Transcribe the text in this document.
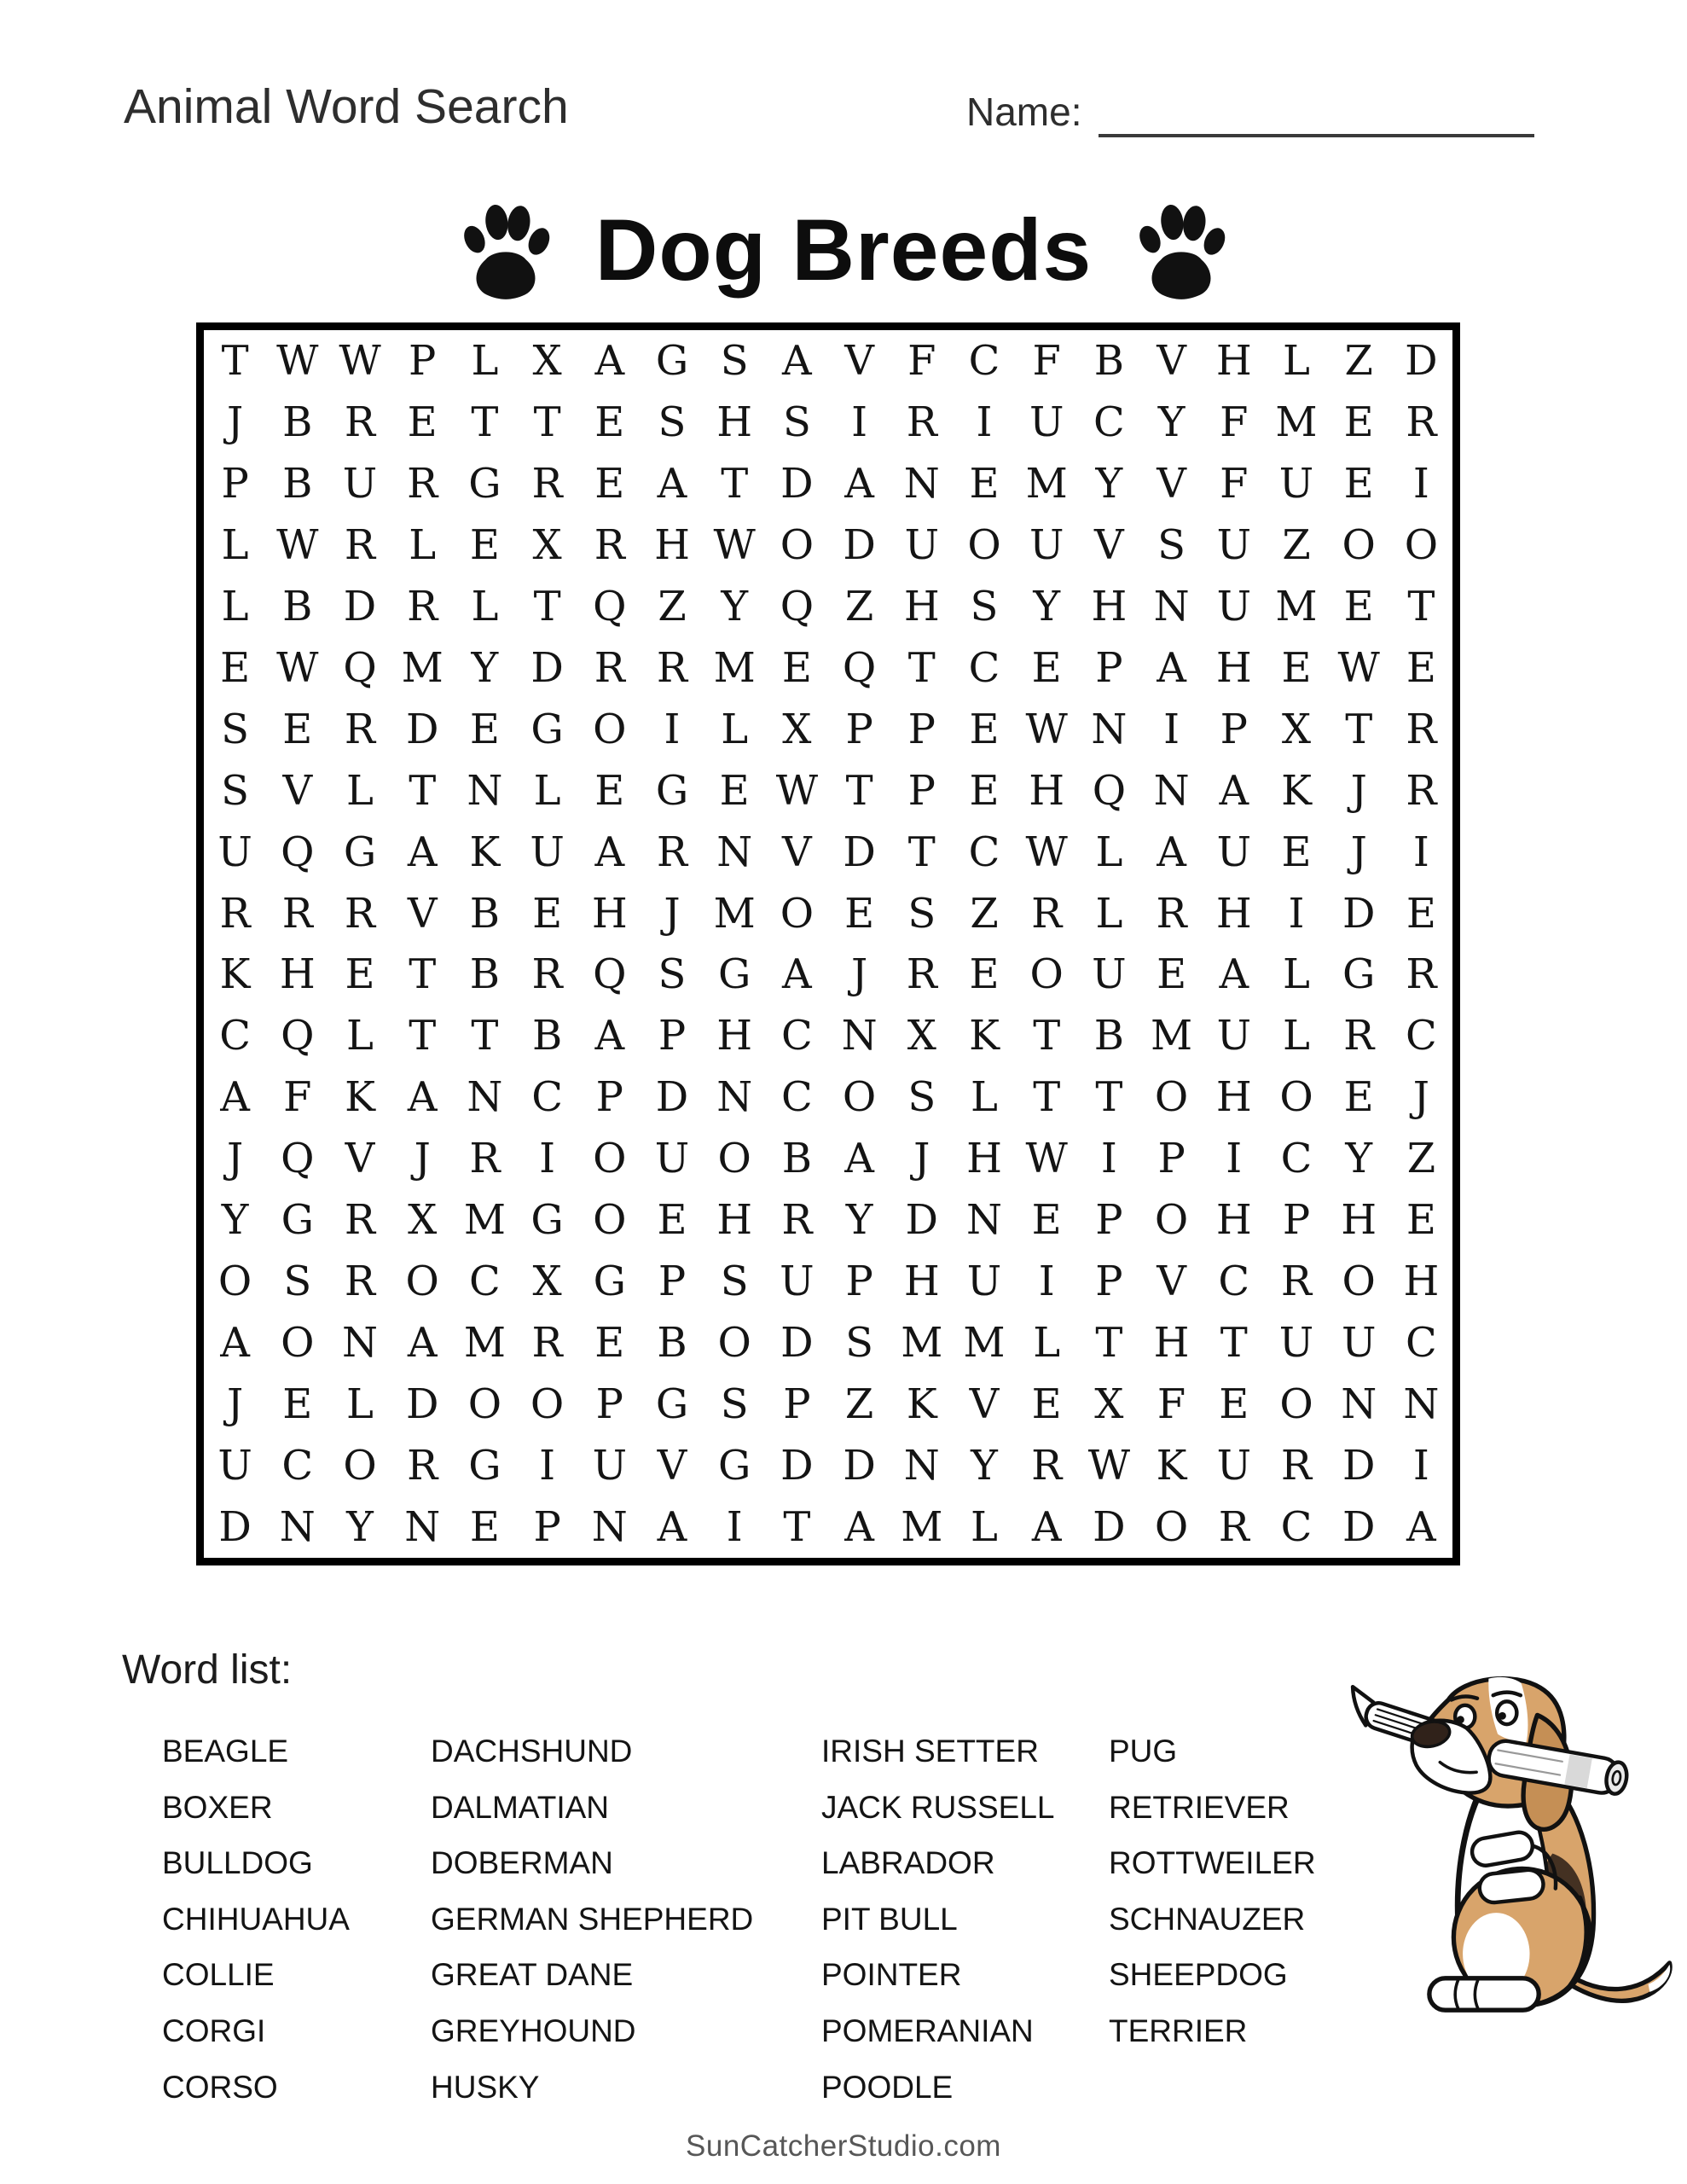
Animal Word Search	Name:
Dog Breeds
T W W P L X A G S A V F C F B V H L Z D
J B R E T T E S H S I R I U C Y F M E R
P B U R G R E A T D A N E M Y V F U E I
L W R L E X R H W O D U O U V S U Z O O
L B D R L T Q Z Y Q Z H S Y H N U M E T
E W Q M Y D R R M E Q T C E P A H E W E
S E R D E G O I L X P P E W N I P X T R
S V L T N L E G E W T P E H Q N A K J R
U Q G A K U A R N V D T C W L A U E J	I
R R R V B E H J M O E S Z R L R H I D E
K H E T B R Q S G A J R E O U E A L G R
C Q L T T B A P H C N X K T B M U L R C
A F K A N C P D N C O S L T T O H O E J
J Q V J R I O U O B A J H W I P I C Y Z
Y G R X M G O E H R Y D N E P O H P H E
O S R O C X G P S U P H U I P V C R O H
A O N A M R E B O D S M M L T H T U U C
J E L D O O P G S P Z K V E X F E O N N
U C O R G I U V G D D N Y R W K U R D I
D N Y N E P N A I T A M L A D O R C D A
Word list:
BEAGLE
BOXER
BULLDOG
CHIHUAHUA
COLLIE
CORGI
CORSO
DACHSHUND
DALMATIAN
DOBERMAN
GERMAN SHEPHERD
GREAT DANE
GREYHOUND
HUSKY
IRISH SETTER
JACK RUSSELL
LABRADOR
PIT BULL
POINTER
POMERANIAN
POODLE
PUG
RETRIEVER
ROTTWEILER
SCHNAUZER
SHEEPDOG
TERRIER
SunCatcherStudio.com
